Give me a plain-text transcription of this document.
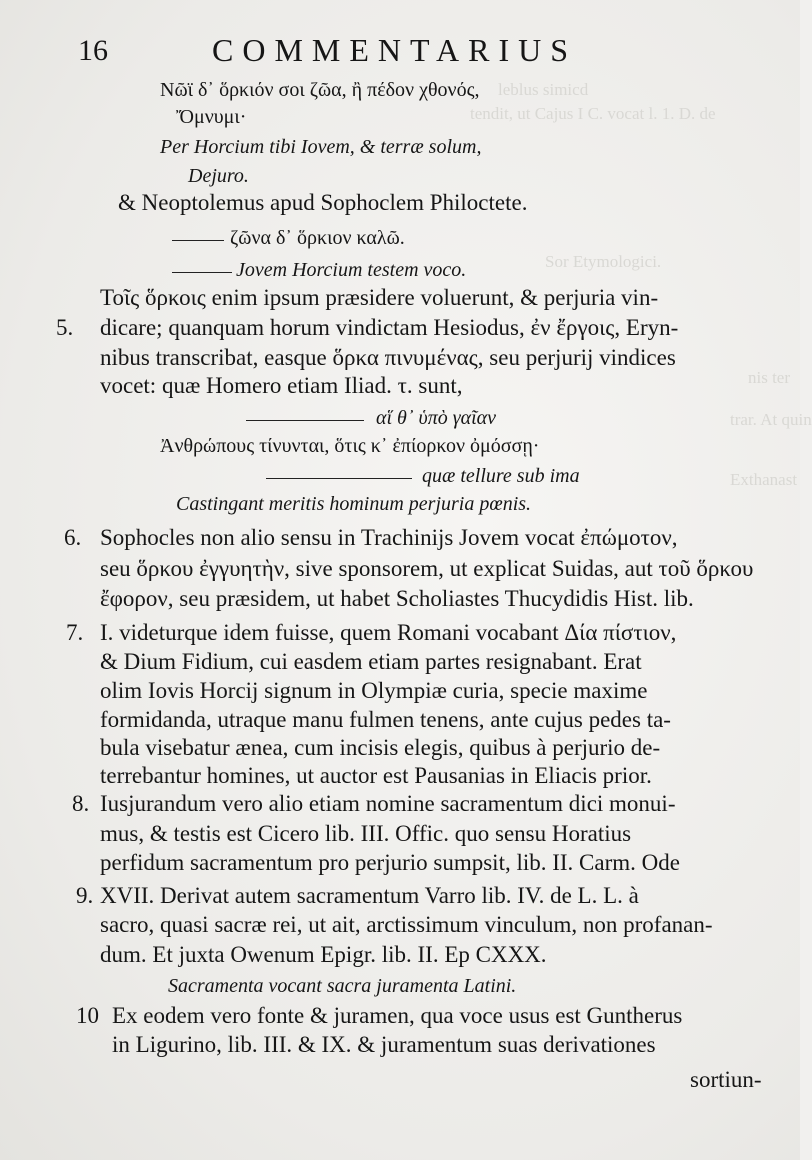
leblus simicd
tendit, ut Cajus I C. vocat l. 1. D. de
Sor Etymologici.
nis ter
trar. At quin
Exthanast
16	COMMENTARIUS
5.
6.
7.
8.
9.
10
Νῶϊ δ᾽ ὅρκιόν σοι ζῶα, ἢ πέδον χθονός,
Ὄμνυμι·
Per Horcium tibi Iovem, & terræ solum,
Dejuro.
& Neoptolemus apud Sophoclem Philoctete.
ζῶνα δ᾽ ὅρκιον καλῶ.
Jovem Horcium testem voco.
Τοῖς ὅρκοις enim ipsum præsidere voluerunt, & perjuria vin-
dicare; quanquam horum vindictam Hesiodus, ἐν ἔργοις, Eryn-
nibus transcribat, easque ὅρκα πινυμένας, seu perjurij vindices
vocet: quæ Homero etiam Iliad. τ. sunt,
αἵ θ᾽ ὑπὸ γαῖαν
Ἀνθρώπους τίνυνται, ὅτις κ᾽ ἐπίορκον ὀμόσσῃ·
quæ tellure sub ima
Castingant meritis hominum perjuria pœnis.
Sophocles non alio sensu in Trachinijs Jovem vocat ἐπώμοτον,
seu ὅρκου ἐγγυητὴν, sive sponsorem, ut explicat Suidas, aut τοῦ ὅρκου
ἔφορον, seu præsidem, ut habet Scholiastes Thucydidis Hist. lib.
I. videturque idem fuisse, quem Romani vocabant Δία πίστιον,
& Dium Fidium, cui easdem etiam partes resignabant. Erat
olim Iovis Horcij signum in Olympiæ curia, specie maxime
formidanda, utraque manu fulmen tenens, ante cujus pedes ta-
bula visebatur ænea, cum incisis elegis, quibus à perjurio de-
terrebantur homines, ut auctor est Pausanias in Eliacis prior.
Iusjurandum vero alio etiam nomine sacramentum dici monui-
mus, & testis est Cicero lib. III. Offic. quo sensu Horatius
perfidum sacramentum pro perjurio sumpsit, lib. II. Carm. Ode
XVII. Derivat autem sacramentum Varro lib. IV. de L. L. à
sacro, quasi sacræ rei, ut ait, arctissimum vinculum, non profanan-
dum. Et juxta Owenum Epigr. lib. II. Ep CXXX.
Sacramenta vocant sacra juramenta Latini.
Ex eodem vero fonte & juramen, qua voce usus est Guntherus
in Ligurino, lib. III. & IX. & juramentum suas derivationes
sortiun-
